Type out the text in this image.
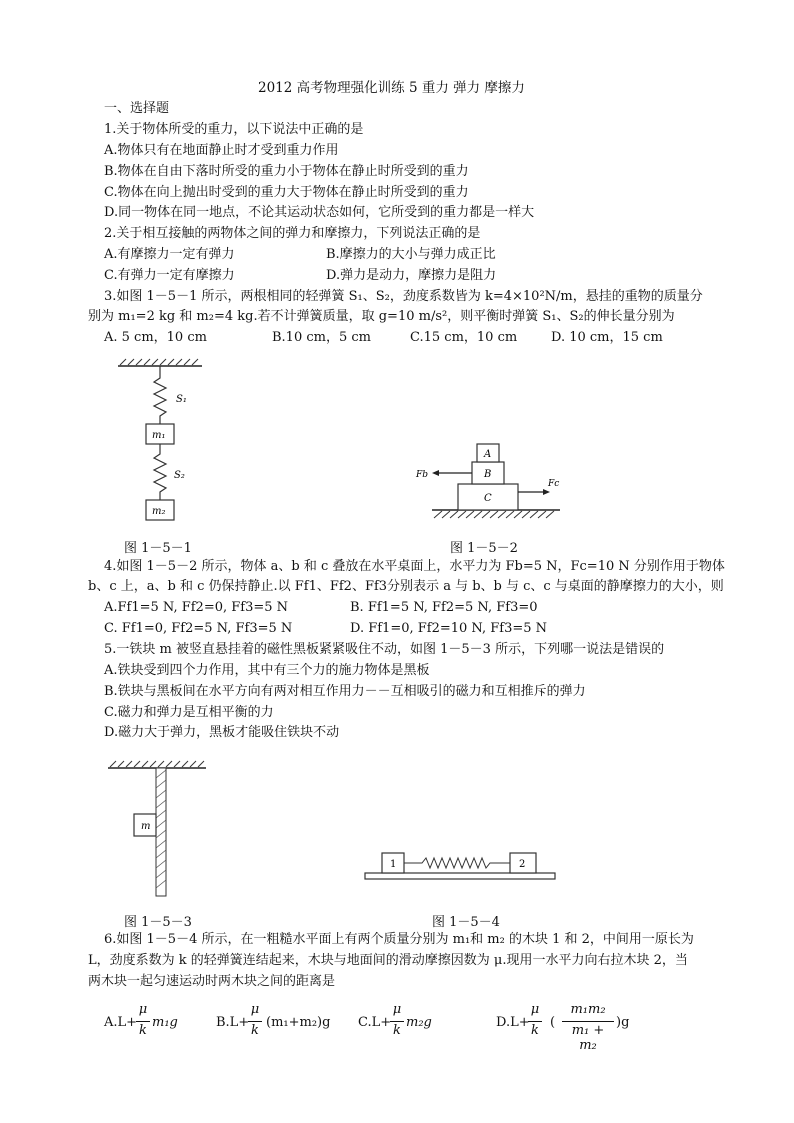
2012 高考物理强化训练 5 重力 弹力 摩擦力
一、选择题
1.关于物体所受的重力，以下说法中正确的是
A.物体只有在地面静止时才受到重力作用
B.物体在自由下落时所受的重力小于物体在静止时所受到的重力
C.物体在向上抛出时受到的重力大于物体在静止时所受到的重力
D.同一物体在同一地点，不论其运动状态如何，它所受到的重力都是一样大
2.关于相互接触的两物体之间的弹力和摩擦力，下列说法正确的是
A.有摩擦力一定有弹力	B.摩擦力的大小与弹力成正比
C.有弹力一定有摩擦力	D.弹力是动力，摩擦力是阻力
3.如图 1－5－1 所示，两根相同的轻弹簧 S₁、S₂，劲度系数皆为 k=4×10²N/m，悬挂的重物的质量分
别为 m₁=2 kg 和 m₂=4 kg.若不计弹簧质量，取 g=10 m/s²，则平衡时弹簧 S₁、S₂的伸长量分别为
A. 5 cm，10 cm	B.10 cm，5 cm	C.15 cm，10 cm	D. 10 cm，15 cm
S₁
S₂
m₁
m₂
图 1－5－1
A
B
C
Fb
Fc
图 1－5－2
4.如图 1－5－2 所示，物体 a、b 和 c 叠放在水平桌面上，水平力为 Fb=5 N，Fc=10 N 分别作用于物体
b、c 上，a、b 和 c 仍保持静止.以 Ff1、Ff2、Ff3分别表示 a 与 b、b 与 c、c 与桌面的静摩擦力的大小，则
A.Ff1=5 N, Ff2=0, Ff3=5 N	B. Ff1=5 N, Ff2=5 N, Ff3=0
C. Ff1=0, Ff2=5 N, Ff3=5 N	D. Ff1=0, Ff2=10 N, Ff3=5 N
5.一铁块 m 被竖直悬挂着的磁性黑板紧紧吸住不动，如图 1－5－3 所示，下列哪一说法是错误的
A.铁块受到四个力作用，其中有三个力的施力物体是黑板
B.铁块与黑板间在水平方向有两对相互作用力－－互相吸引的磁力和互相推斥的弹力
C.磁力和弹力是互相平衡的力
D.磁力大于弹力，黑板才能吸住铁块不动
m
图 1－5－3
1	2
图 1－5－4
6.如图 1－5－4 所示，在一粗糙水平面上有两个质量分别为 m₁和 m₂ 的木块 1 和 2，中间用一原长为
L，劲度系数为 k 的轻弹簧连结起来，木块与地面间的滑动摩擦因数为 μ.现用一水平力向右拉木块 2，当
两木块一起匀速运动时两木块之间的距离是
A.L+
μ
k
m₁g	B.L+
μ
k
(m₁+m₂)g C.L+
μ
k
m₂g	D.L+
μ
k
(
m₁m₂
m₁ + m₂
)g
